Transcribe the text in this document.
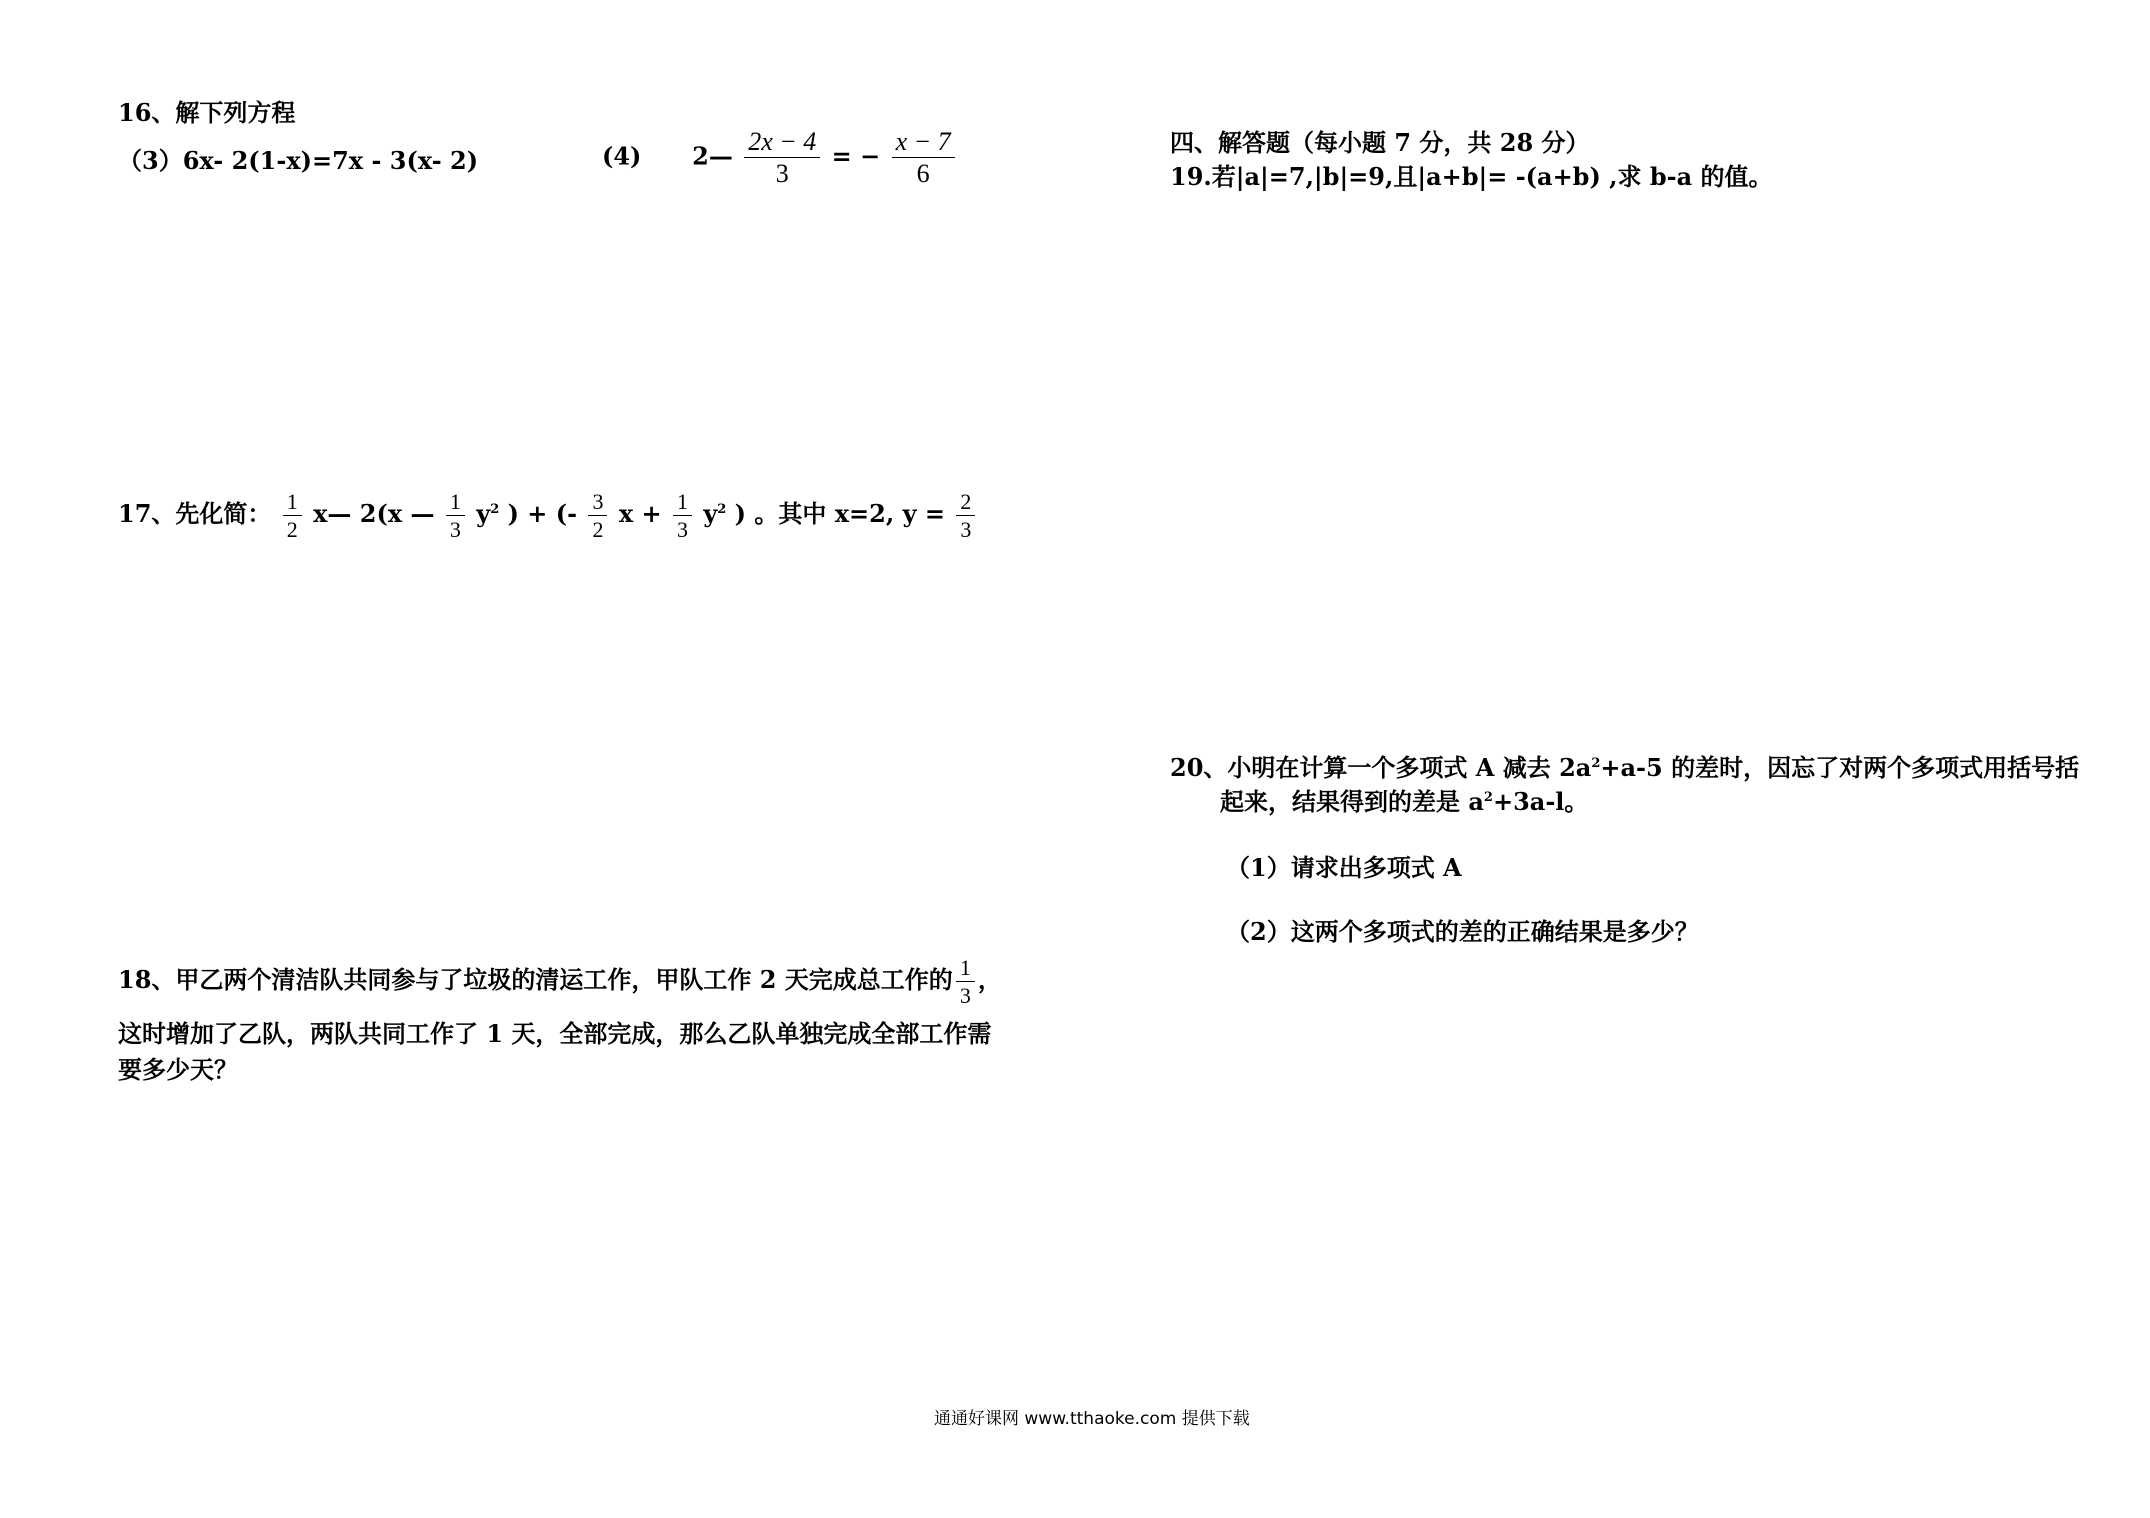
16、解下列方程
（3）6x- 2(1-x)=7x - 3(x- 2)	(4) 2— $\frac{2x - 4}{3}$ = − $\frac{x - 7}{6}$
17、先化简： $\frac{1}{2}$ x— 2(x — $\frac{1}{3} y^2$ ) + (- $\frac{3}{2}$ $x + \frac{1}{3} y^2$ ) 。其中 x=2, $y = \frac{2}{3}$
18、甲乙两个清洁队共同参与了垃圾的清运工作，甲队工作 2 天完成总工作的 $\frac{1}{3}$ ，
这时增加了乙队，两队共同工作了 1 天，全部完成，那么乙队单独完成全部工作需
要多少天？
四、解答题（每小题 7 分，共 28 分）
19.若|a|=7,|b|=9,且|a+b|= -(a+b) ,求 b-a 的值。
20、小明在计算一个多项式 A 减去 $2a^2+a-5$ 的差时，因忘了对两个多项式用括号括
起来，结果得到的差是 $a^2+3a-l$。
（1）请求出多项式 A
（2）这两个多项式的差的正确结果是多少？
通通好课网 www.tthaoke.com 提供下载
